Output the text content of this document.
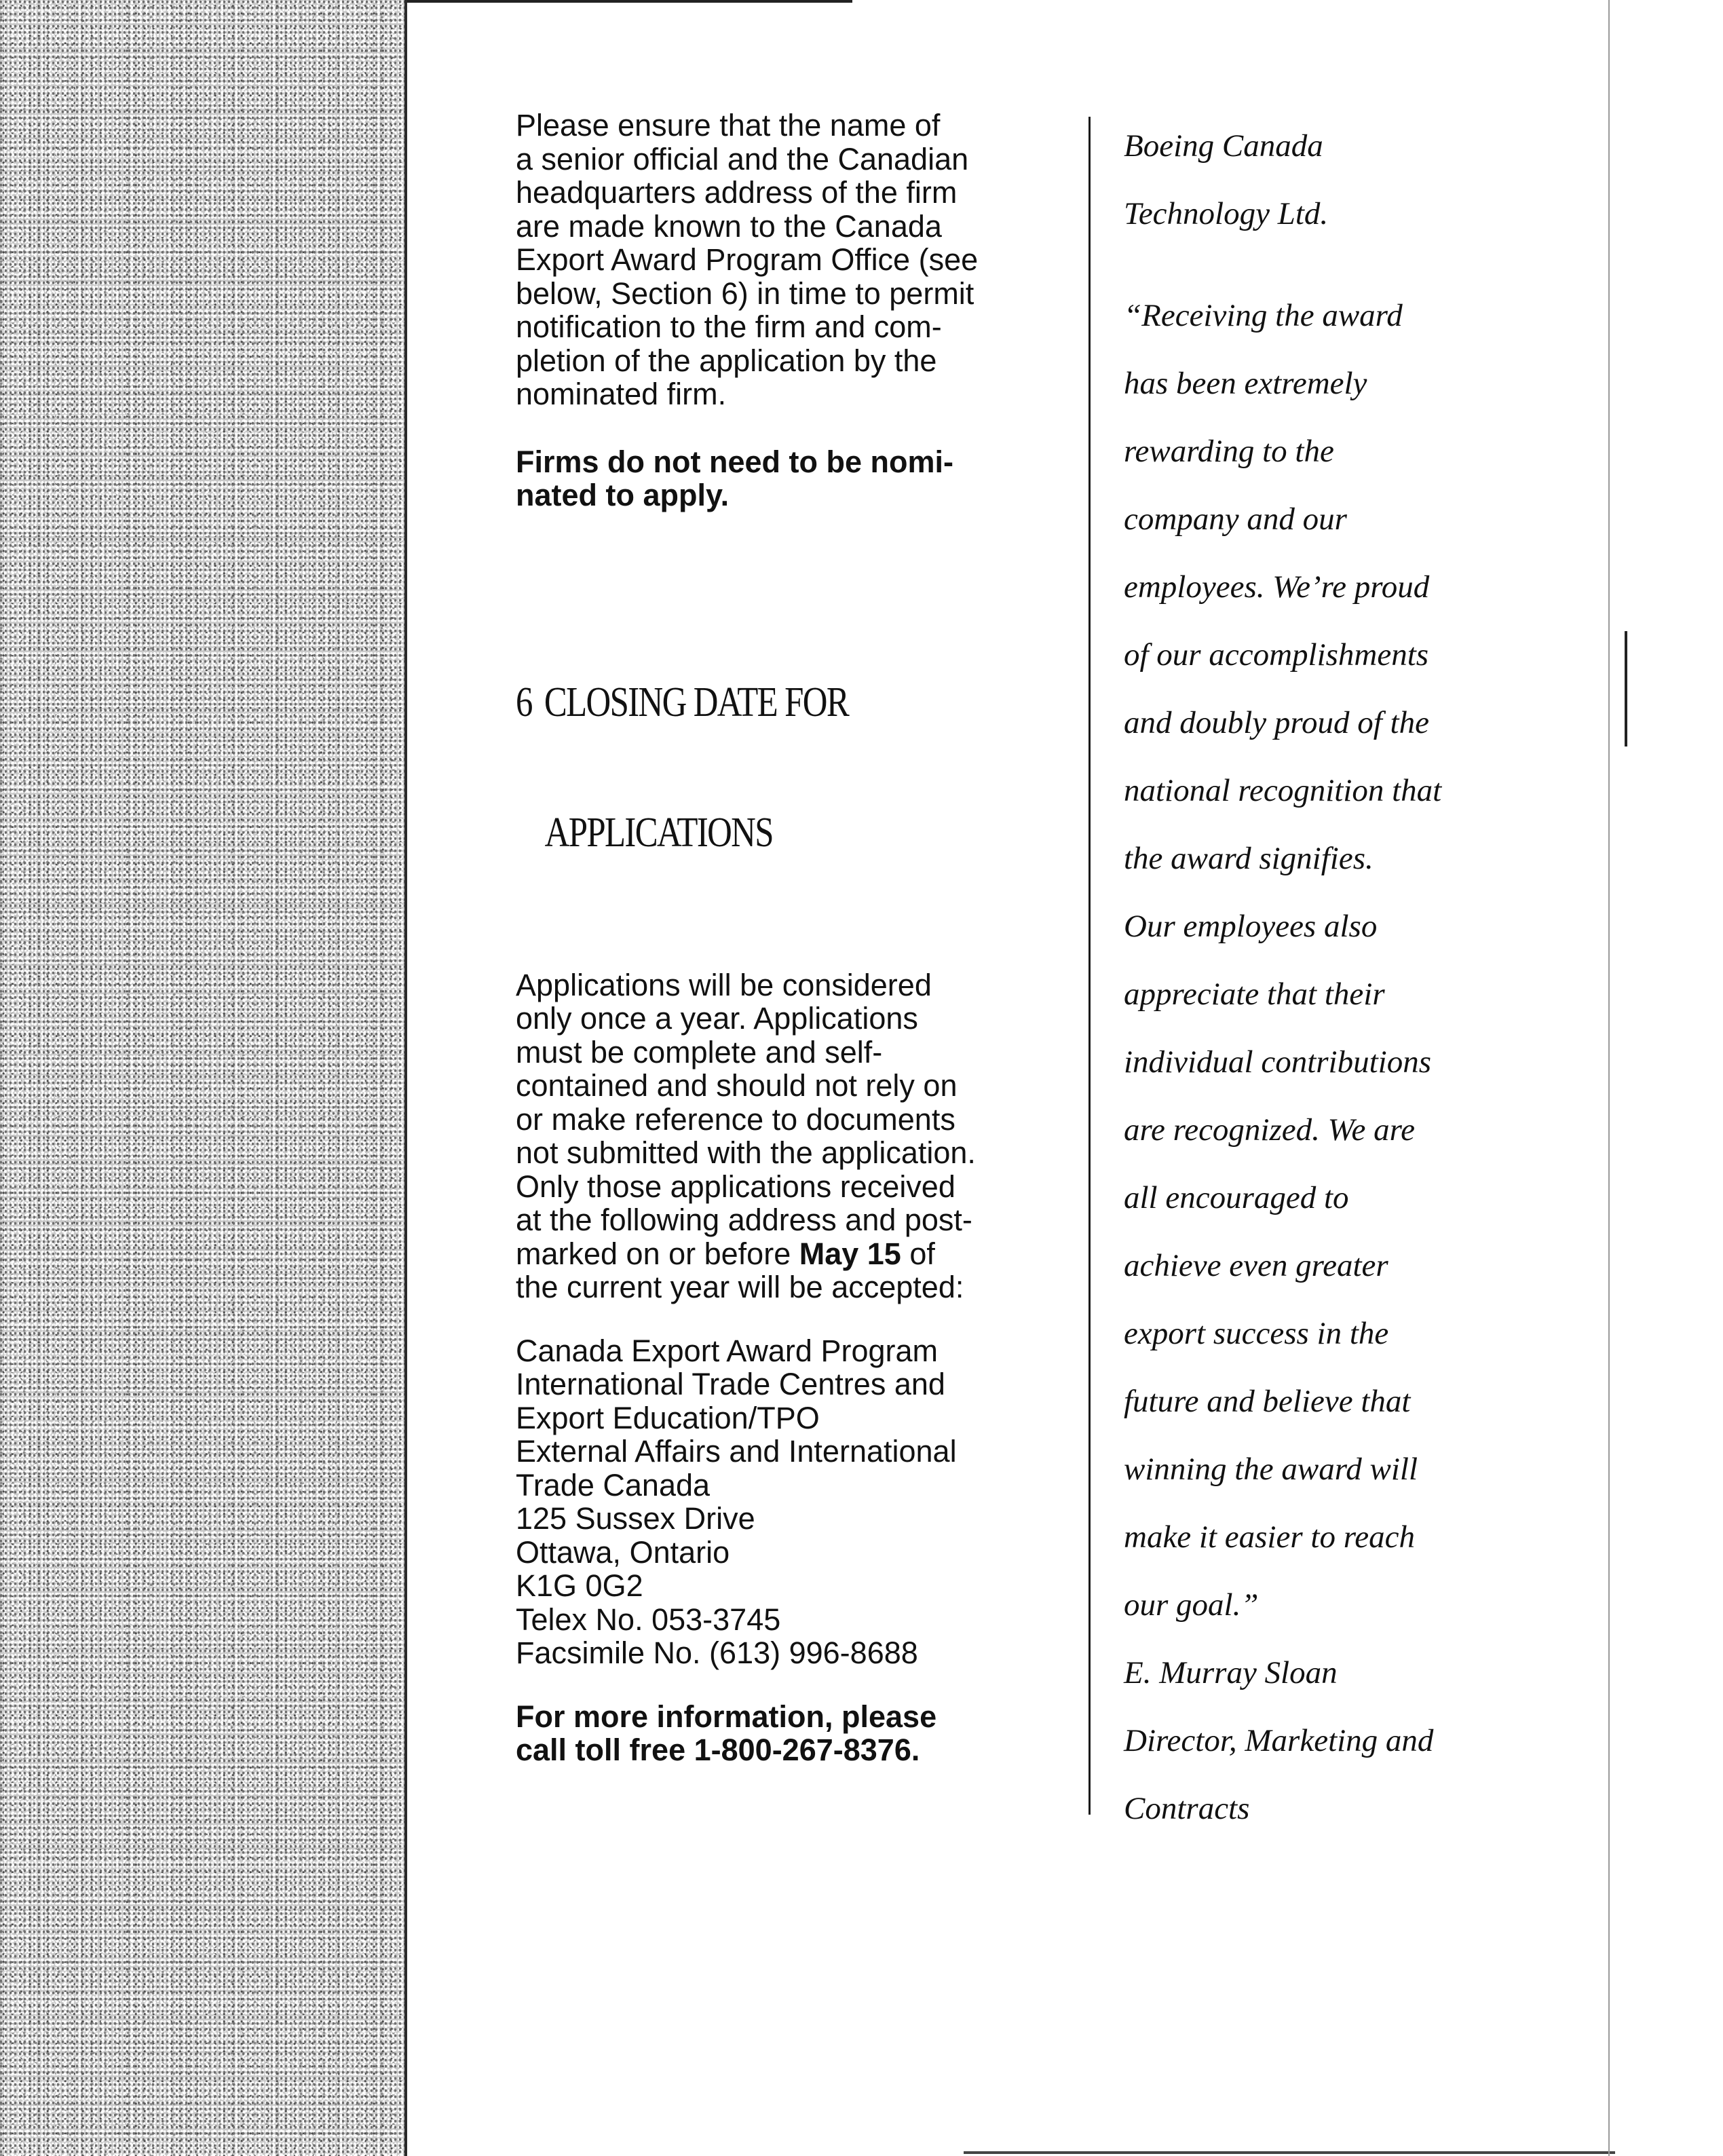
Please ensure that the name of
a senior official and the Canadian
headquarters address of the firm
are made known to the Canada
Export Award Program Office (see
below, Section 6) in time to permit
notification to the firm and com-
pletion of the application by the
nominated firm.

Firms do not need to be nomi-
nated to apply.

6 CLOSING DATE FOR

APPLICATIONS

Applications will be considered
only once a year. Applications
must be complete and self-
contained and should not rely on
or make reference to documents
not submitted with the application.
Only those applications received
at the following address and post-
marked on or before May 15 of
the current year will be accepted:

Canada Export Award Program
International Trade Centres and
Export Education/TPO
External Affairs and International
Trade Canada
125 Sussex Drive
Ottawa, Ontario
K1G 0G2
Telex No. 053-3745
Facsimile No. (613) 996-8688

For more information, please
call toll free 1-800-267-8376.

Boeing Canada
Technology Ltd.
“Receiving the award
has been extremely
rewarding to the
company and our
employees. We’re proud
of our accomplishments
and doubly proud of the
national recognition that
the award signifies.
Our employees also
appreciate that their
individual contributions
are recognized. We are
all encouraged to
achieve even greater
export success in the
future and believe that
winning the award will
make it easier to reach
our goal.”
E. Murray Sloan
Director, Marketing and
Contracts
